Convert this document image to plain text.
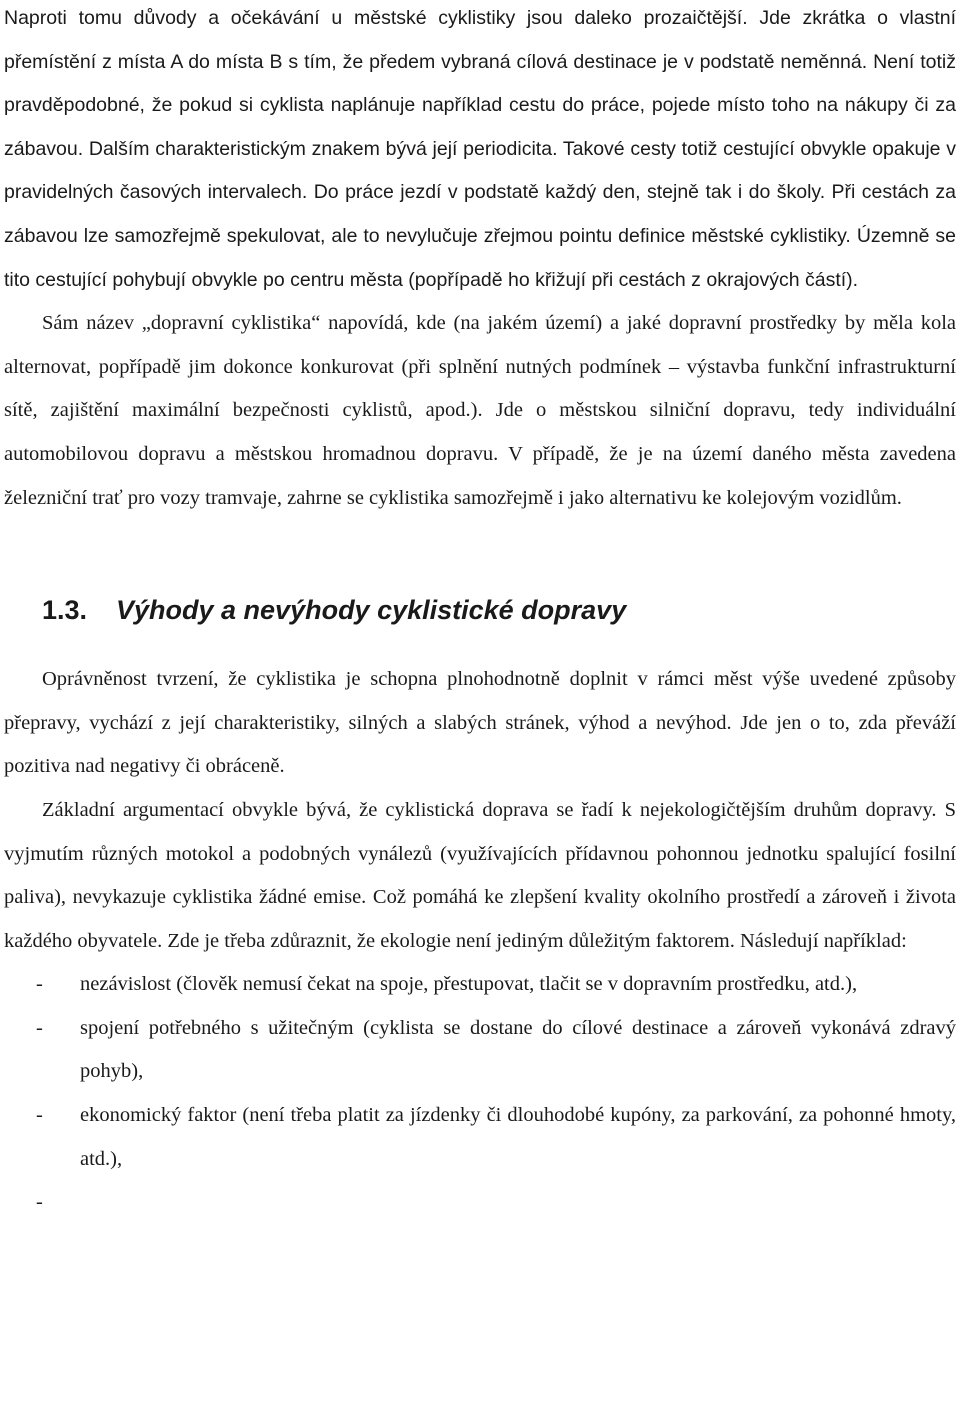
Naproti tomu důvody a očekávání u městské cyklistiky jsou daleko prozaičtější. Jde zkrátka o vlastní přemístění z místa A do místa B s tím, že předem vybraná cílová destinace je v podstatě neměnná. Není totiž pravděpodobné, že pokud si cyklista naplánuje například cestu do práce, pojede místo toho na nákupy či za zábavou. Dalším charakteristickým znakem bývá její periodicita. Takové cesty totiž cestující obvykle opakuje v pravidelných časových intervalech. Do práce jezdí v podstatě každý den, stejně tak i do školy. Při cestách za zábavou lze samozřejmě spekulovat, ale to nevylučuje zřejmou pointu definice městské cyklistiky. Územně se tito cestující pohybují obvykle po centru města (popřípadě ho křižují při cestách z okrajových částí).

Sám název „dopravní cyklistika“ napovídá, kde (na jakém území) a jaké dopravní prostředky by měla kola alternovat, popřípadě jim dokonce konkurovat (při splnění nutných podmínek – výstavba funkční infrastrukturní sítě, zajištění maximální bezpečnosti cyklistů, apod.). Jde o městskou silniční dopravu, tedy individuální automobilovou dopravu a městskou hromadnou dopravu. V případě, že je na území daného města zavedena železniční trať pro vozy tramvaje, zahrne se cyklistika samozřejmě i jako alternativu ke kolejovým vozidlům.

1.3.	Výhody a nevýhody cyklistické dopravy

Oprávněnost tvrzení, že cyklistika je schopna plnohodnotně doplnit v rámci měst výše uvedené způsoby přepravy, vychází z její charakteristiky, silných a slabých stránek, výhod a nevýhod. Jde jen o to, zda převáží pozitiva nad negativy či obráceně.

Základní argumentací obvykle bývá, že cyklistická doprava se řadí k nejekologičtějším druhům dopravy. S vyjmutím různých motokol a podobných vynálezů (využívajících přídavnou pohonnou jednotku spalující fosilní paliva), nevykazuje cyklistika žádné emise. Což pomáhá ke zlepšení kvality okolního prostředí a zároveň i života každého obyvatele. Zde je třeba zdůraznit, že ekologie není jediným důležitým faktorem. Následují například:

- nezávislost (člověk nemusí čekat na spoje, přestupovat, tlačit se v dopravním prostředku, atd.),
- spojení potřebného s užitečným (cyklista se dostane do cílové destinace a zároveň vykonává zdravý pohyb),
- ekonomický faktor (není třeba platit za jízdenky či dlouhodobé kupóny, za parkování, za pohonné hmoty, atd.),
-
